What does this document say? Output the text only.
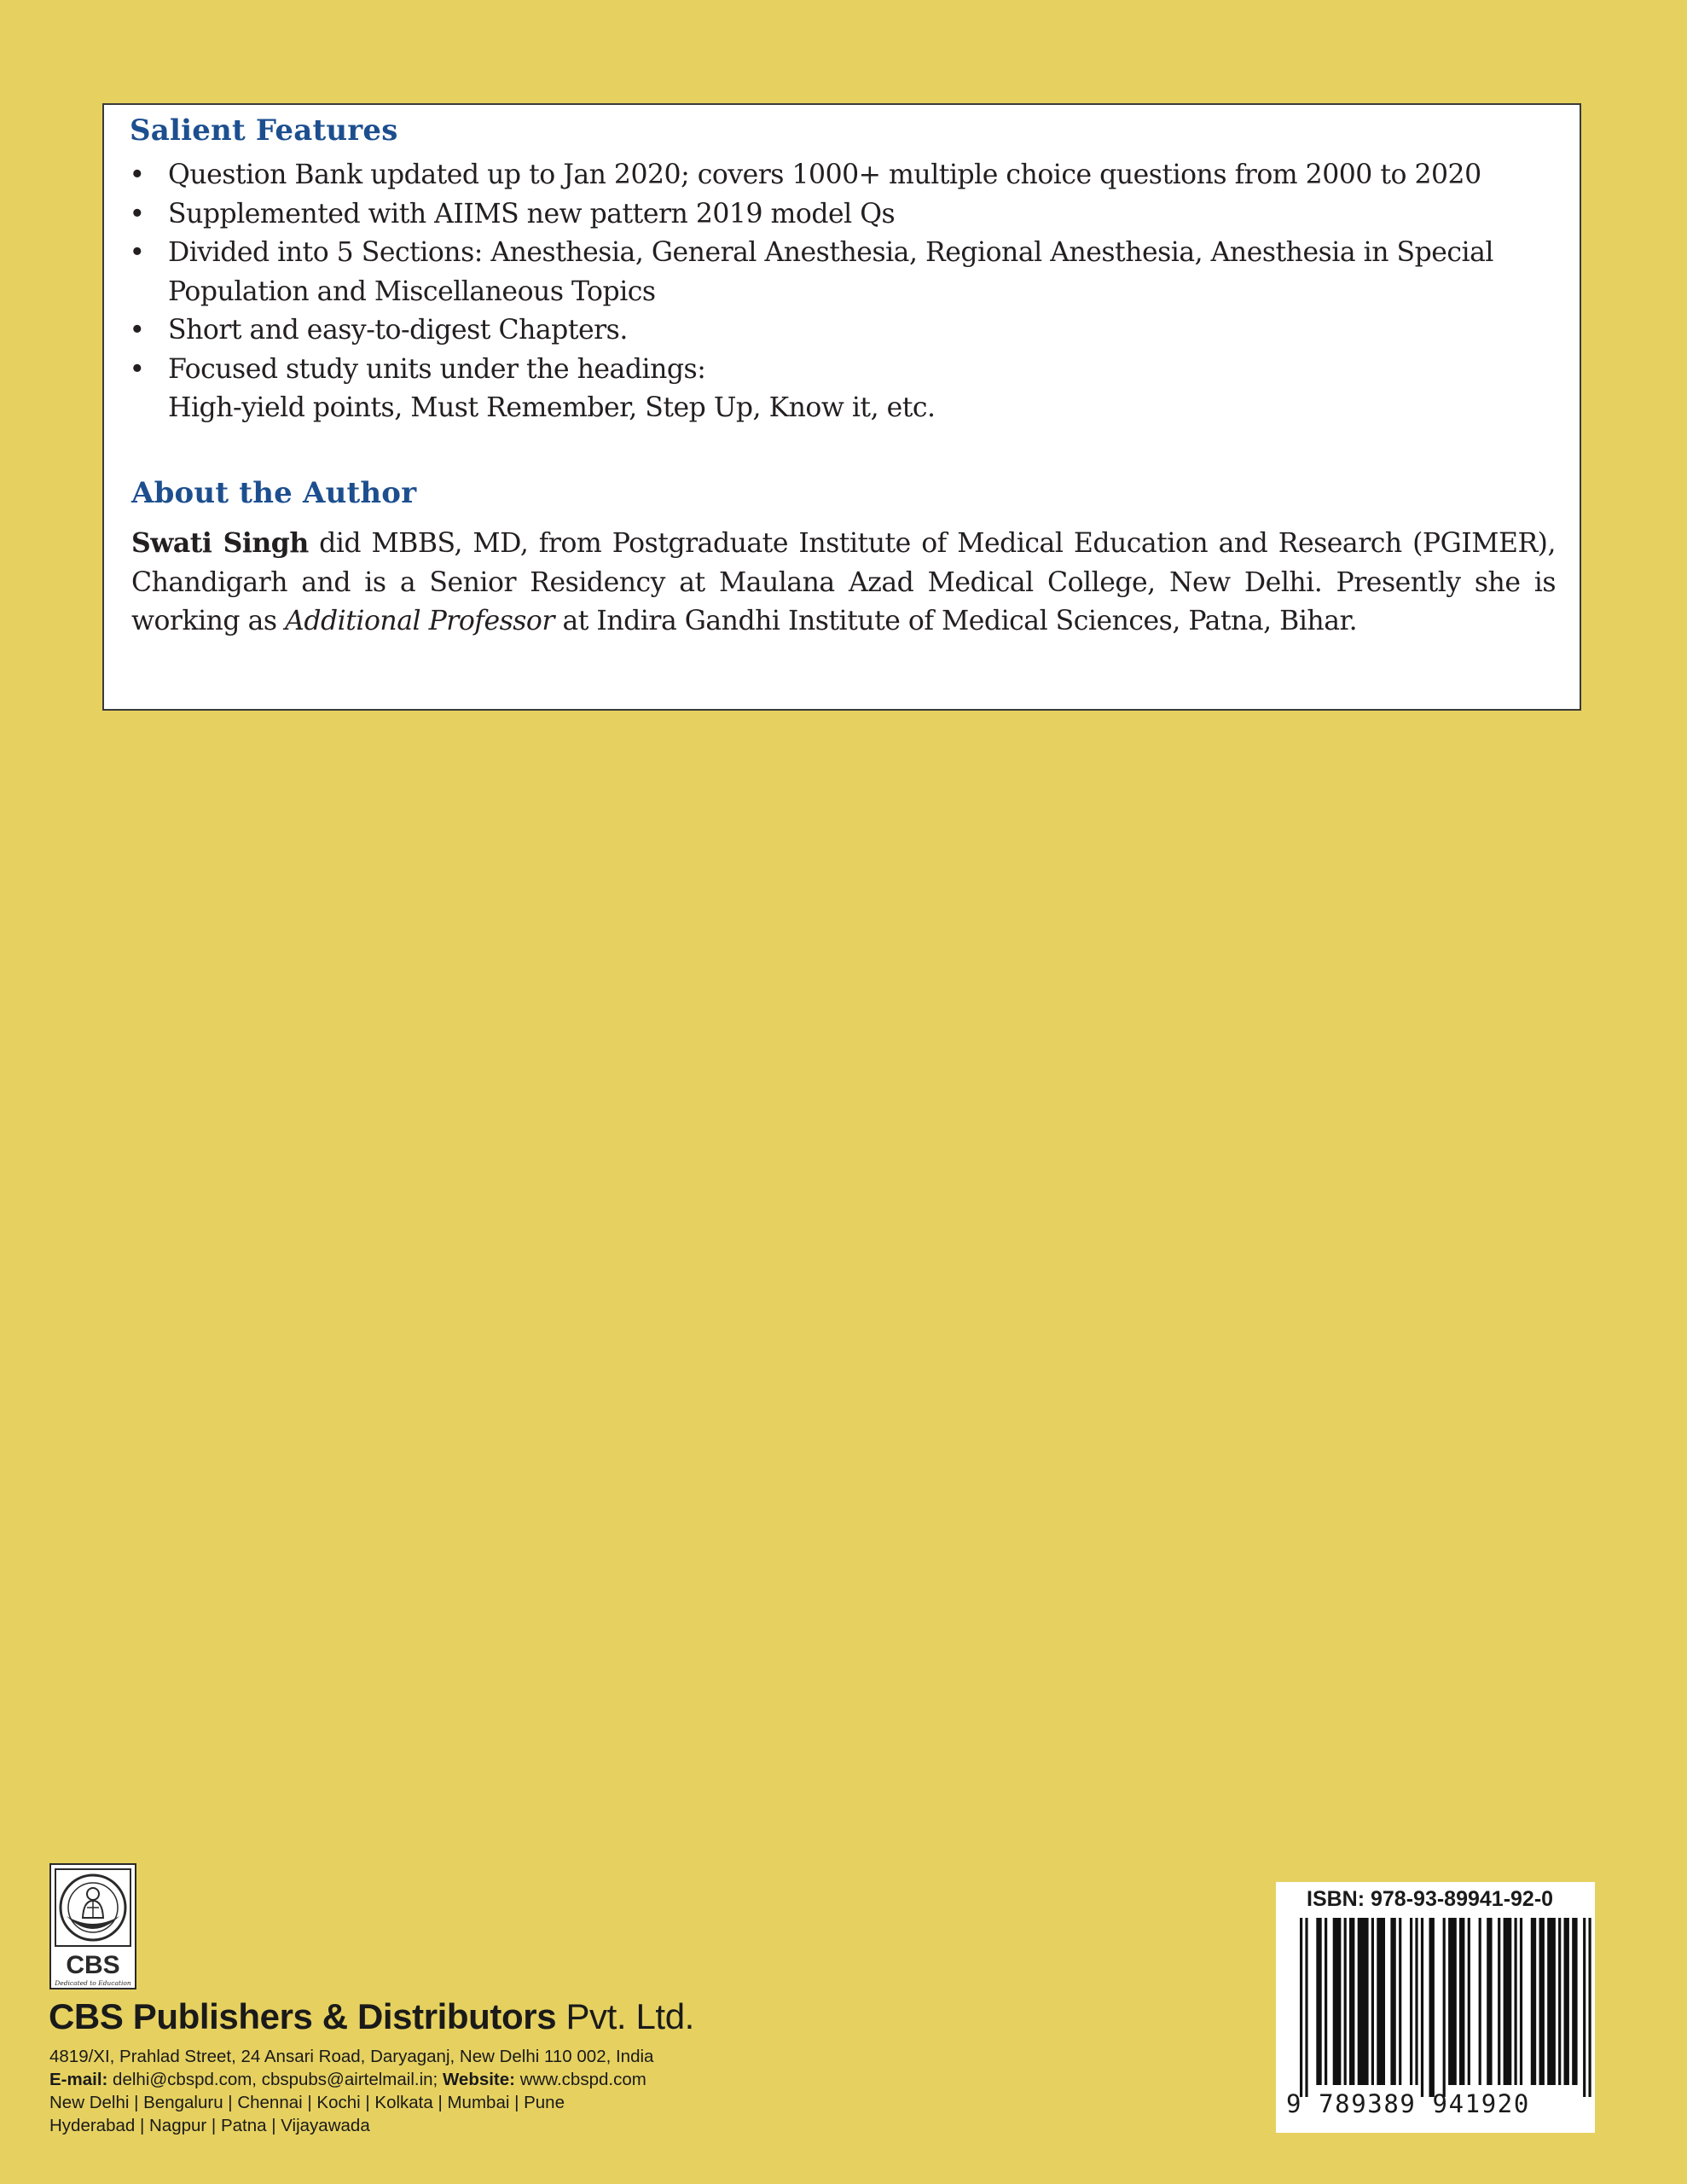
Salient Features
• Question Bank updated up to Jan 2020; covers 1000+ multiple choice questions from 2000 to 2020
• Supplemented with AIIMS new pattern 2019 model Qs
• Divided into 5 Sections: Anesthesia, General Anesthesia, Regional Anesthesia, Anesthesia in Special
Population and Miscellaneous Topics
• Short and easy-to-digest Chapters.
• Focused study units under the headings:
High-yield points, Must Remember, Step Up, Know it, etc.
About the Author

Swati Singh did MBBS, MD, from Postgraduate Institute of Medical Education and Research (PGIMER), Chandigarh and is a Senior Residency at Maulana Azad Medical College, New Delhi. Presently she is working as Additional Professor at Indira Gandhi Institute of Medical Sciences, Patna, Bihar.

CBS
Dedicated to Education

CBS Publishers & Distributors Pvt. Ltd.

4819/XI, Prahlad Street, 24 Ansari Road, Daryaganj, New Delhi 110 002, India

E-mail: delhi@cbspd.com, cbspubs@airtelmail.in; Website: www.cbspd.com

New Delhi | Bengaluru | Chennai | Kochi | Kolkata | Mumbai | Pune

Hyderabad | Nagpur | Patna | Vijayawada

ISBN: 978-93-89941-92-0

9 789389 941920
